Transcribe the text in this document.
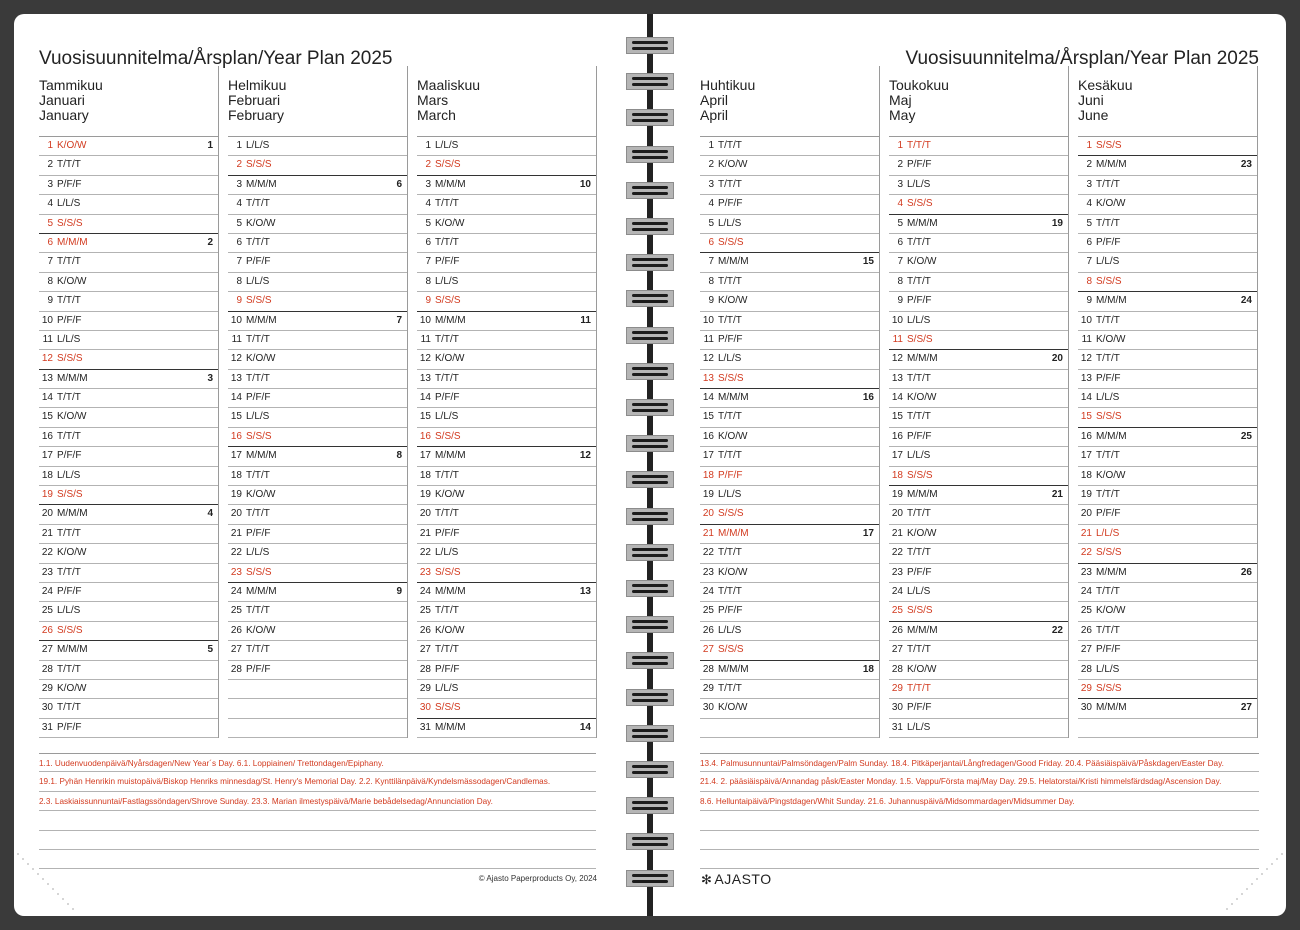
Vuosisuunnitelma/Årsplan/Year Plan 2025
Tammikuu
Januari
January
1 K/O/W	1
2 T/T/T
3 P/F/F
4 L/L/S
5 S/S/S
6 M/M/M	2
7 T/T/T
8 K/O/W
9 T/T/T
10 P/F/F
11 L/L/S
12 S/S/S
13 M/M/M	3
14 T/T/T
15 K/O/W
16 T/T/T
17 P/F/F
18 L/L/S
19 S/S/S
20 M/M/M	4
21 T/T/T
22 K/O/W
23 T/T/T
24 P/F/F
25 L/L/S
26 S/S/S
27 M/M/M	5
28 T/T/T
29 K/O/W
30 T/T/T
31 P/F/F
Helmikuu
Februari
February
1 L/L/S
2 S/S/S
3 M/M/M	6
4 T/T/T
5 K/O/W
6 T/T/T
7 P/F/F
8 L/L/S
9 S/S/S
10 M/M/M	7
11 T/T/T
12 K/O/W
13 T/T/T
14 P/F/F
15 L/L/S
16 S/S/S
17 M/M/M	8
18 T/T/T
19 K/O/W
20 T/T/T
21 P/F/F
22 L/L/S
23 S/S/S
24 M/M/M	9
25 T/T/T
26 K/O/W
27 T/T/T
28 P/F/F
Maaliskuu
Mars
March
1 L/L/S
2 S/S/S
3 M/M/M	10
4 T/T/T
5 K/O/W
6 T/T/T
7 P/F/F
8 L/L/S
9 S/S/S
10 M/M/M	11
11 T/T/T
12 K/O/W
13 T/T/T
14 P/F/F
15 L/L/S
16 S/S/S
17 M/M/M	12
18 T/T/T
19 K/O/W
20 T/T/T
21 P/F/F
22 L/L/S
23 S/S/S
24 M/M/M	13
25 T/T/T
26 K/O/W
27 T/T/T
28 P/F/F
29 L/L/S
30 S/S/S
31 M/M/M	14
1.1. Uudenvuodenpäivä/Nyårsdagen/New Year´s Day. 6.1. Loppiainen/ Trettondagen/Epiphany.
19.1. Pyhän Henrikin muistopäivä/Biskop Henriks minnesdag/St. Henry's Memorial Day. 2.2. Kynttilänpäivä/Kyndelsmässodagen/Candlemas.
2.3. Laskiaissunnuntai/Fastlagssöndagen/Shrove Sunday. 23.3. Marian ilmestyspäivä/Marie bebådelsedag/Annunciation Day.
© Ajasto Paperproducts Oy, 2024
Vuosisuunnitelma/Årsplan/Year Plan 2025
Huhtikuu
April
April
1 T/T/T
2 K/O/W
3 T/T/T
4 P/F/F
5 L/L/S
6 S/S/S
7 M/M/M	15
8 T/T/T
9 K/O/W
10 T/T/T
11 P/F/F
12 L/L/S
13 S/S/S
14 M/M/M	16
15 T/T/T
16 K/O/W
17 T/T/T
18 P/F/F
19 L/L/S
20 S/S/S
21 M/M/M	17
22 T/T/T
23 K/O/W
24 T/T/T
25 P/F/F
26 L/L/S
27 S/S/S
28 M/M/M	18
29 T/T/T
30 K/O/W
Toukokuu
Maj
May
1 T/T/T
2 P/F/F
3 L/L/S
4 S/S/S
5 M/M/M	19
6 T/T/T
7 K/O/W
8 T/T/T
9 P/F/F
10 L/L/S
11 S/S/S
12 M/M/M	20
13 T/T/T
14 K/O/W
15 T/T/T
16 P/F/F
17 L/L/S
18 S/S/S
19 M/M/M	21
20 T/T/T
21 K/O/W
22 T/T/T
23 P/F/F
24 L/L/S
25 S/S/S
26 M/M/M	22
27 T/T/T
28 K/O/W
29 T/T/T
30 P/F/F
31 L/L/S
Kesäkuu
Juni
June
1 S/S/S
2 M/M/M	23
3 T/T/T
4 K/O/W
5 T/T/T
6 P/F/F
7 L/L/S
8 S/S/S
9 M/M/M	24
10 T/T/T
11 K/O/W
12 T/T/T
13 P/F/F
14 L/L/S
15 S/S/S
16 M/M/M	25
17 T/T/T
18 K/O/W
19 T/T/T
20 P/F/F
21 L/L/S
22 S/S/S
23 M/M/M	26
24 T/T/T
25 K/O/W
26 T/T/T
27 P/F/F
28 L/L/S
29 S/S/S
30 M/M/M	27
13.4. Palmusunnuntai/Palmsöndagen/Palm Sunday. 18.4. Pitkäperjantai/Långfredagen/Good Friday. 20.4. Pääsiäispäivä/Påskdagen/Easter Day.
21.4. 2. pääsiäispäivä/Annandag påsk/Easter Monday. 1.5. Vappu/Första maj/May Day. 29.5. Helatorstai/Kristi himmelsfärdsdag/Ascension Day.
8.6. Helluntaipäivä/Pingstdagen/Whit Sunday. 21.6. Juhannuspäivä/Midsommardagen/Midsummer Day.
✻ AJASTO
